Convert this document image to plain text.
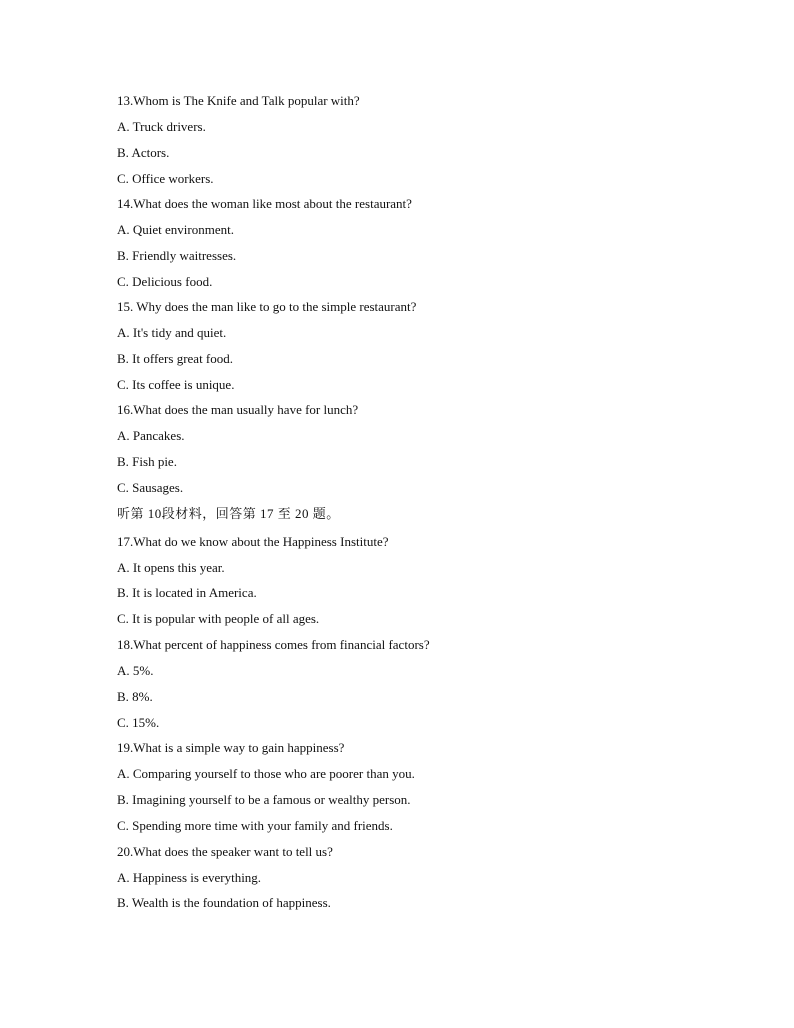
13.Whom is The Knife and Talk popular with?
A. Truck drivers.
B. Actors.
C. Office workers.
14.What does the woman like most about the restaurant?
A. Quiet environment.
B. Friendly waitresses.
C. Delicious food.
15. Why does the man like to go to the simple restaurant?
A. It's tidy and quiet.
B. It offers great food.
C. Its coffee is unique.
16.What does the man usually have for lunch?
A. Pancakes.
B. Fish pie.
C. Sausages.
听第 10段材料，回答第 17 至 20 题。
17.What do we know about the Happiness Institute?
A. It opens this year.
B. It is located in America.
C. It is popular with people of all ages.
18.What percent of happiness comes from financial factors?
A. 5%.
B. 8%.
C. 15%.
19.What is a simple way to gain happiness?
A. Comparing yourself to those who are poorer than you.
B. Imagining yourself to be a famous or wealthy person.
C. Spending more time with your family and friends.
20.What does the speaker want to tell us?
A. Happiness is everything.
B. Wealth is the foundation of happiness.
